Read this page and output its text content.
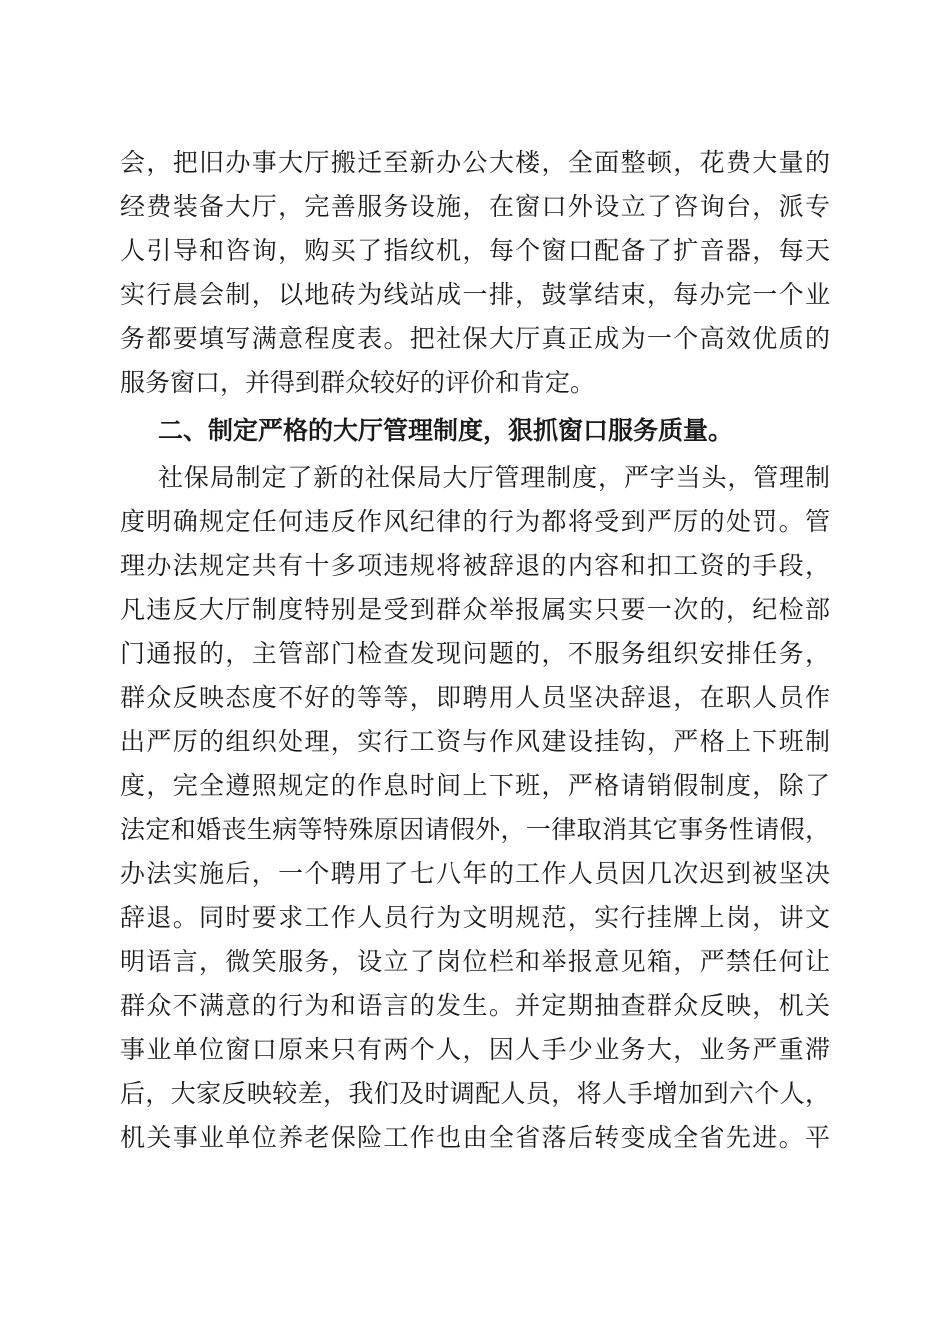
会，把旧办事大厅搬迁至新办公大楼，全面整顿，花费大量的
经费装备大厅，完善服务设施，在窗口外设立了咨询台，派专
人引导和咨询，购买了指纹机，每个窗口配备了扩音器，每天
实行晨会制，以地砖为线站成一排，鼓掌结束，每办完一个业
务都要填写满意程度表。把社保大厅真正成为一个高效优质的
服务窗口，并得到群众较好的评价和肯定。
二、制定严格的大厅管理制度，狠抓窗口服务质量。
社保局制定了新的社保局大厅管理制度，严字当头，管理制
度明确规定任何违反作风纪律的行为都将受到严厉的处罚。管
理办法规定共有十多项违规将被辞退的内容和扣工资的手段，
凡违反大厅制度特别是受到群众举报属实只要一次的，纪检部
门通报的，主管部门检查发现问题的，不服务组织安排任务，
群众反映态度不好的等等，即聘用人员坚决辞退，在职人员作
出严厉的组织处理，实行工资与作风建设挂钩，严格上下班制
度，完全遵照规定的作息时间上下班，严格请销假制度，除了
法定和婚丧生病等特殊原因请假外，一律取消其它事务性请假，
办法实施后，一个聘用了七八年的工作人员因几次迟到被坚决
辞退。同时要求工作人员行为文明规范，实行挂牌上岗，讲文
明语言，微笑服务，设立了岗位栏和举报意见箱，严禁任何让
群众不满意的行为和语言的发生。并定期抽查群众反映，机关
事业单位窗口原来只有两个人，因人手少业务大，业务严重滞
后，大家反映较差，我们及时调配人员，将人手增加到六个人，
机关事业单位养老保险工作也由全省落后转变成全省先进。平
